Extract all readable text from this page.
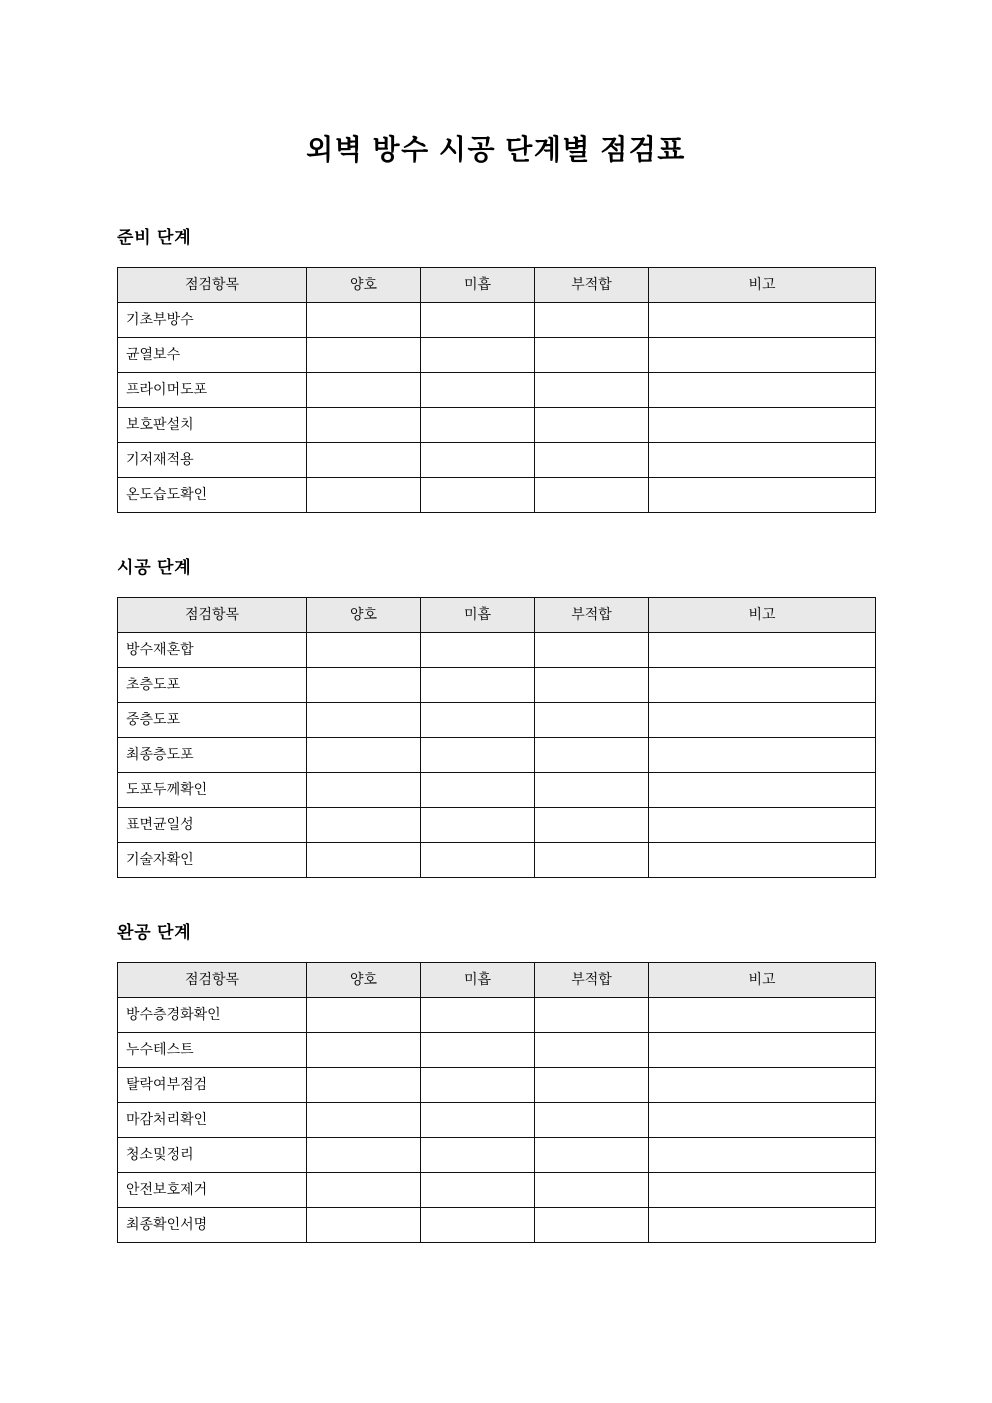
외벽 방수 시공 단계별 점검표
준비 단계
점검항목	양호	미흡	부적합	비고
기초부방수				
균열보수				
프라이머도포				
보호판설치				
기저재적용				
온도습도확인				
시공 단계
점검항목	양호	미흡	부적합	비고
방수재혼합				
초층도포				
중층도포				
최종층도포				
도포두께확인				
표면균일성				
기술자확인				
완공 단계
점검항목	양호	미흡	부적합	비고
방수층경화확인				
누수테스트				
탈락여부점검				
마감처리확인				
청소및정리				
안전보호제거				
최종확인서명				
